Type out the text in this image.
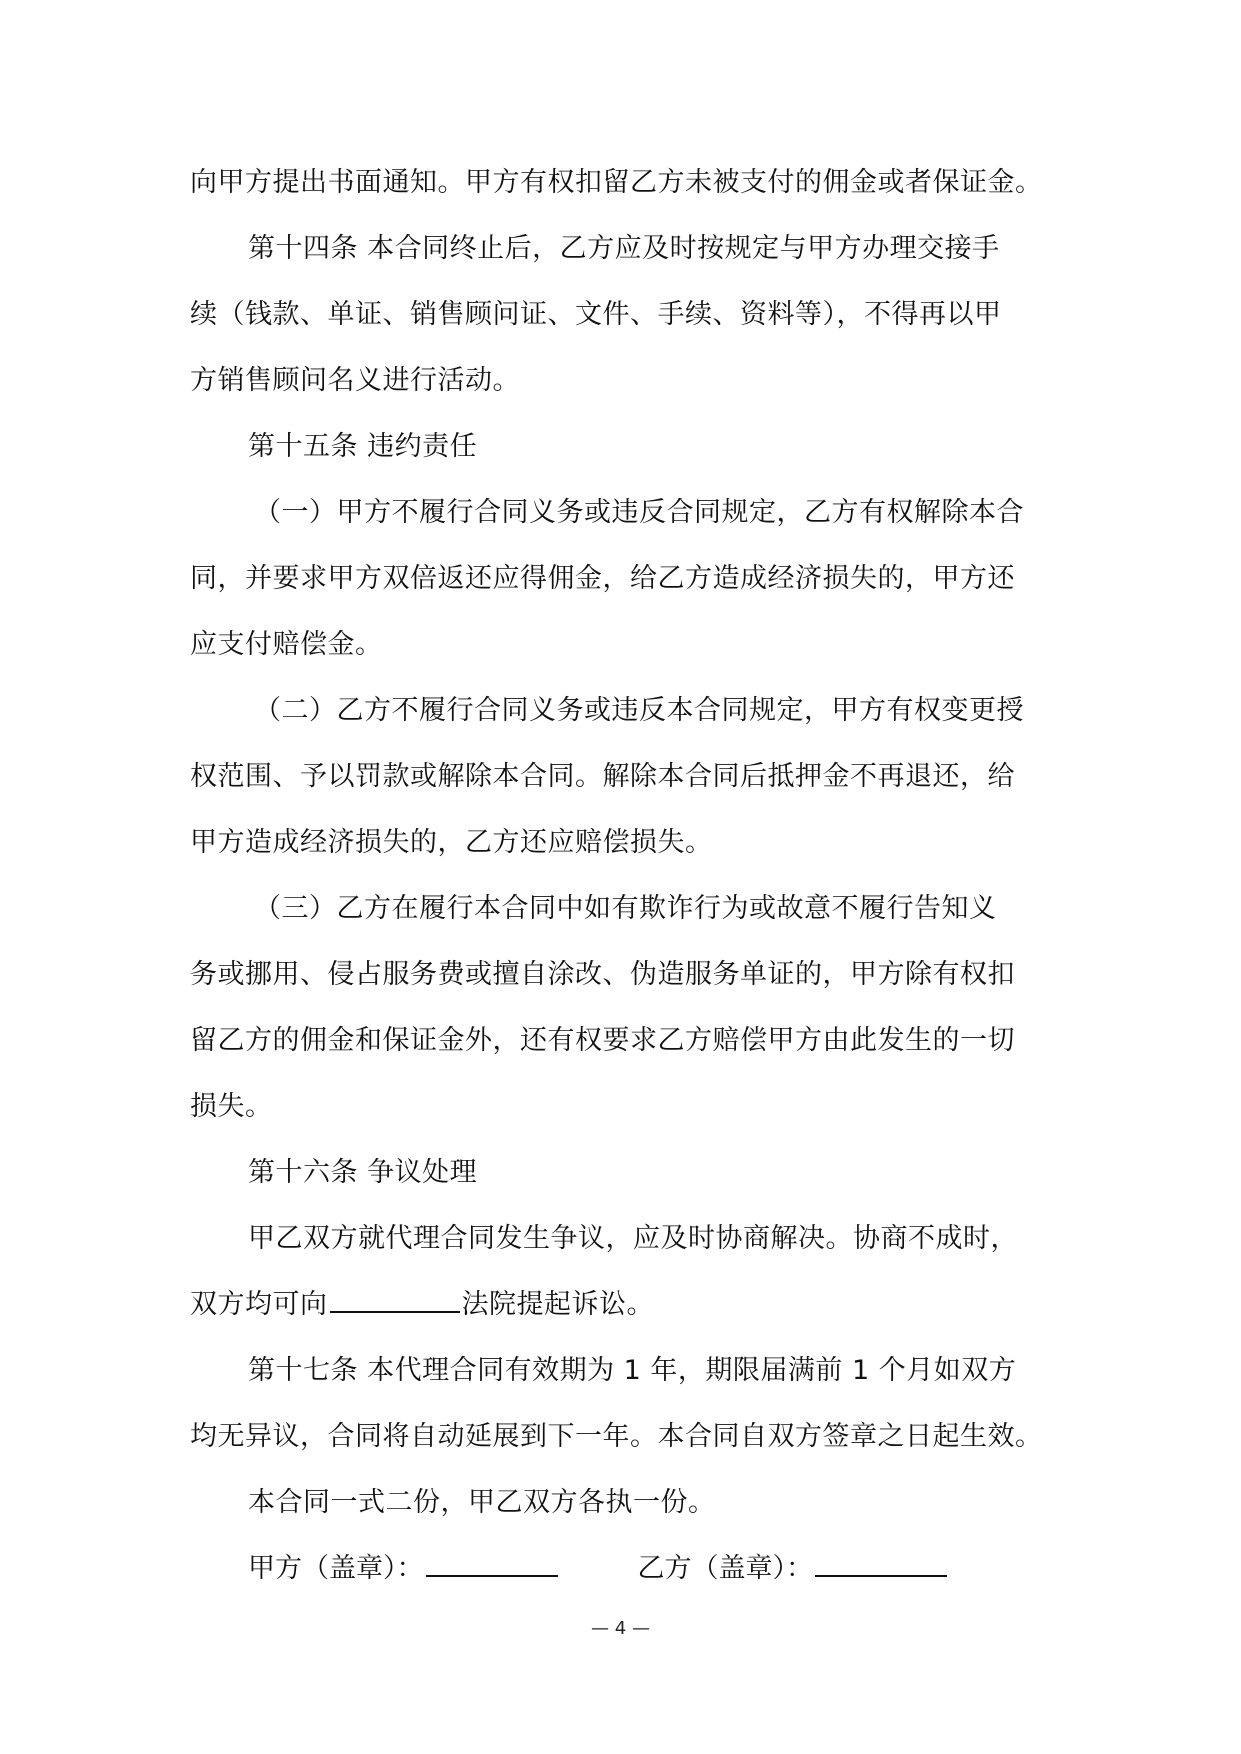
向甲方提出书面通知。甲方有权扣留乙方未被支付的佣金或者保证金。
第十四条 本合同终止后，乙方应及时按规定与甲方办理交接手
续（钱款、单证、销售顾问证、文件、手续、资料等），不得再以甲
方销售顾问名义进行活动。
第十五条 违约责任
（一）甲方不履行合同义务或违反合同规定，乙方有权解除本合
同，并要求甲方双倍返还应得佣金，给乙方造成经济损失的，甲方还
应支付赔偿金。
（二）乙方不履行合同义务或违反本合同规定，甲方有权变更授
权范围、予以罚款或解除本合同。解除本合同后抵押金不再退还，给
甲方造成经济损失的，乙方还应赔偿损失。
（三）乙方在履行本合同中如有欺诈行为或故意不履行告知义
务或挪用、侵占服务费或擅自涂改、伪造服务单证的，甲方除有权扣
留乙方的佣金和保证金外，还有权要求乙方赔偿甲方由此发生的一切
损失。
第十六条 争议处理
甲乙双方就代理合同发生争议，应及时协商解决。协商不成时，
双方均可向	法院提起诉讼。
第十七条 本代理合同有效期为 1 年，期限届满前 1 个月如双方
均无异议，合同将自动延展到下一年。本合同自双方签章之日起生效。
本合同一式二份，甲乙双方各执一份。
甲方（盖章）：	乙方（盖章）：
— 4 —
